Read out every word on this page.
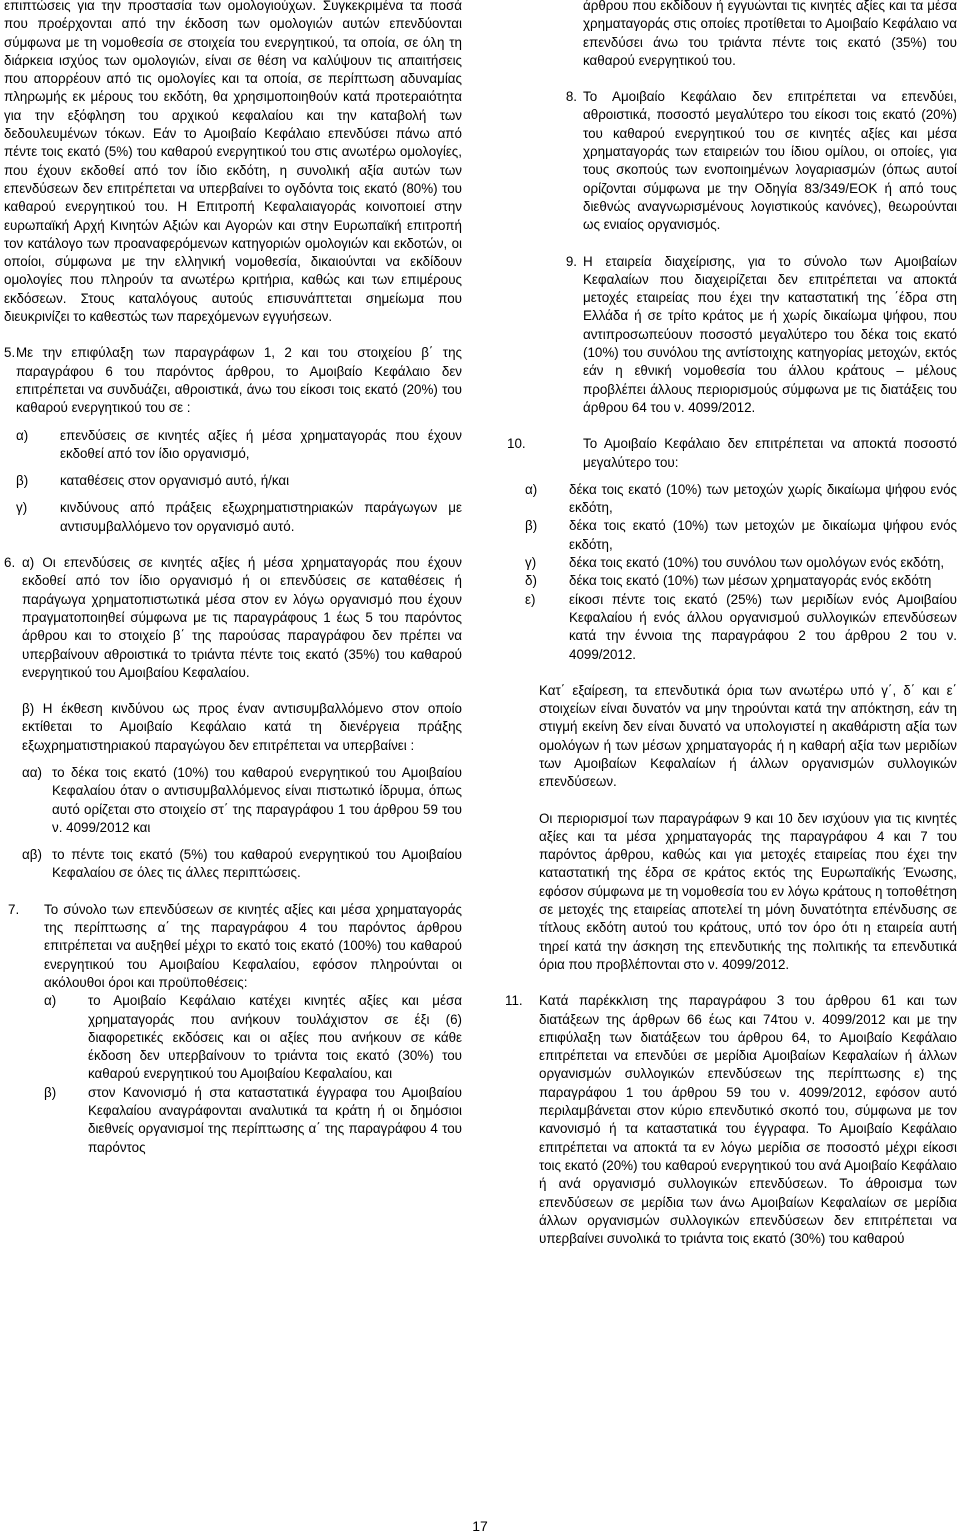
επιπτώσεις για την προστασία των ομολογιούχων. Συγκεκριμένα τα ποσά που προέρχονται από την έκδοση των ομολογιών αυτών επενδύονται σύμφωνα με τη νομοθεσία σε στοιχεία του ενεργητικού, τα οποία, σε όλη τη διάρκεια ισχύος των ομολογιών, είναι σε θέση να καλύψουν τις απαιτήσεις που απορρέουν από τις ομολογίες και τα οποία, σε περίπτωση αδυναμίας πληρωμής εκ μέρους του εκδότη, θα χρησιμοποιηθούν κατά προτεραιότητα για την εξόφληση του αρχικού κεφαλαίου και την καταβολή των δεδουλευμένων τόκων. Εάν το Αμοιβαίο Κεφάλαιο επενδύσει πάνω από πέντε τοις εκατό (5%) του καθαρού ενεργητικού του στις ανωτέρω ομολογίες, που έχουν εκδοθεί από τον ίδιο εκδότη, η συνολική αξία αυτών των επενδύσεων δεν επιτρέπεται να υπερβαίνει το ογδόντα τοις εκατό (80%) του καθαρού ενεργητικού του. Η Επιτροπή Κεφαλαιαγοράς κοινοποιεί στην ευρωπαϊκή Αρχή Κινητών Αξιών και Αγορών και στην Ευρωπαϊκή επιτροπή τον κατάλογο των προαναφερόμενων κατηγοριών ομολογιών και εκδοτών, οι οποίοι, σύμφωνα με την ελληνική νομοθεσία, δικαιούνται να εκδίδουν ομολογίες που πληρούν τα ανωτέρω κριτήρια, καθώς και των επιμέρους εκδόσεων. Στους καταλόγους αυτούς επισυνάπτεται σημείωμα που διευκρινίζει το καθεστώς των παρεχόμενων εγγυήσεων.

5. Με την επιφύλαξη των παραγράφων 1, 2 και του στοιχείου β΄ της παραγράφου 6 του παρόντος άρθρου, το Αμοιβαίο Κεφάλαιο δεν επιτρέπεται να συνδυάζει, αθροιστικά, άνω του είκοσι τοις εκατό (20%) του καθαρού ενεργητικού του σε :
α)	επενδύσεις σε κινητές αξίες ή μέσα χρηματαγοράς που έχουν εκδοθεί από τον ίδιο οργανισμό,
β)	καταθέσεις στον οργανισμό αυτό, ή/και
γ)	κινδύνους από πράξεις εξωχρηματιστηριακών παράγωγων με αντισυμβαλλόμενο τον οργανισμό αυτό.
6. α) Οι επενδύσεις σε κινητές αξίες ή μέσα χρηματαγοράς που έχουν εκδοθεί από τον ίδιο οργανισμό ή οι επενδύσεις σε καταθέσεις ή παράγωγα χρηματοπιστωτικά μέσα στον εν λόγω οργανισμό που έχουν πραγματοποιηθεί σύμφωνα με τις παραγράφους 1 έως 5 του παρόντος άρθρου και το στοιχείο β΄ της παρούσας παραγράφου δεν πρέπει να υπερβαίνουν αθροιστικά το τριάντα πέντε τοις εκατό (35%) του καθαρού ενεργητικού του Αμοιβαίου Κεφαλαίου.

β) Η έκθεση κινδύνου ως προς έναν αντισυμβαλλόμενο στον οποίο εκτίθεται το Αμοιβαίο Κεφάλαιο κατά τη διενέργεια πράξης εξωχρηματιστηριακού παραγώγου δεν επιτρέπεται να υπερβαίνει :

αα) το δέκα τοις εκατό (10%) του καθαρού ενεργητικού του Αμοιβαίου Κεφαλαίου όταν ο αντισυμβαλλόμενος είναι πιστωτικό ίδρυμα, όπως αυτό ορίζεται στο στοιχείο στ΄ της παραγράφου 1 του άρθρου 59 του ν. 4099/2012 και
αβ) το πέντε τοις εκατό (5%) του καθαρού ενεργητικού του Αμοιβαίου Κεφαλαίου σε όλες τις άλλες περιπτώσεις.
7.	Το σύνολο των επενδύσεων σε κινητές αξίες και μέσα χρηματαγοράς της περίπτωσης α΄ της παραγράφου 4 του παρόντος άρθρου επιτρέπεται να αυξηθεί μέχρι το εκατό τοις εκατό (100%) του καθαρού ενεργητικού του Αμοιβαίου Κεφαλαίου, εφόσον πληρούνται οι ακόλουθοι όροι και προϋποθέσεις:
α)	το Αμοιβαίο Κεφάλαιο κατέχει κινητές αξίες και μέσα χρηματαγοράς που ανήκουν τουλάχιστον σε έξι (6) διαφορετικές εκδόσεις και οι αξίες που ανήκουν σε κάθε έκδοση δεν υπερβαίνουν το τριάντα τοις εκατό (30%) του καθαρού ενεργητικού του Αμοιβαίου Κεφαλαίου, και
β)	στον Κανονισμό ή στα καταστατικά έγγραφα του Αμοιβαίου Κεφαλαίου αναγράφονται αναλυτικά τα κράτη ή οι δημόσιοι διεθνείς οργανισμοί της περίπτωσης α΄ της παραγράφου 4 του παρόντος

άρθρου που εκδίδουν ή εγγυώνται τις κινητές αξίες και τα μέσα χρηματαγοράς στις οποίες προτίθεται το Αμοιβαίο Κεφάλαιο να επενδύσει άνω του τριάντα πέντε τοις εκατό (35%) του καθαρού ενεργητικού του.

8. Το Αμοιβαίο Κεφάλαιο δεν επιτρέπεται να επενδύει, αθροιστικά, ποσοστό μεγαλύτερο του είκοσι τοις εκατό (20%) του καθαρού ενεργητικού του σε κινητές αξίες και μέσα χρηματαγοράς των εταιρειών του ίδιου ομίλου, οι οποίες, για τους σκοπούς των ενοποιημένων λογαριασμών (όπως αυτοί ορίζονται σύμφωνα με την Οδηγία 83/349/ΕΟΚ ή από τους διεθνώς αναγνωρισμένους λογιστικούς κανόνες), θεωρούνται ως ενιαίος οργανισμός.
9. Η εταιρεία διαχείρισης, για το σύνολο των Αμοιβαίων Κεφαλαίων που διαχειρίζεται δεν επιτρέπεται να αποκτά μετοχές εταιρείας που έχει την καταστατική της ΄έδρα στη Ελλάδα ή σε τρίτο κράτος με ή χωρίς δικαίωμα ψήφου, που αντιπροσωπεύουν ποσοστό μεγαλύτερο του δέκα τοις εκατό (10%) του συνόλου της αντίστοιχης κατηγορίας μετοχών, εκτός εάν η εθνική νομοθεσία του άλλου κράτους – μέλους προβλέπει άλλους περιορισμούς σύμφωνα με τις διατάξεις του άρθρου 64 του ν. 4099/2012.
10.	Το Αμοιβαίο Κεφάλαιο δεν επιτρέπεται να αποκτά ποσοστό μεγαλύτερο του:
α)	δέκα τοις εκατό (10%) των μετοχών χωρίς δικαίωμα ψήφου ενός εκδότη,
β)	δέκα τοις εκατό (10%) των μετοχών με δικαίωμα ψήφου ενός εκδότη,
γ)	δέκα τοις εκατό (10%) του συνόλου των ομολόγων ενός εκδότη,
δ)	δέκα τοις εκατό (10%) των μέσων χρηματαγοράς ενός εκδότη
ε)	είκοσι πέντε τοις εκατό (25%) των μεριδίων ενός Αμοιβαίου Κεφαλαίου ή ενός άλλου οργανισμού συλλογικών επενδύσεων κατά την έννοια της παραγράφου 2 του άρθρου 2 του ν. 4099/2012.

Κατ΄ εξαίρεση, τα επενδυτικά όρια των ανωτέρω υπό γ΄, δ΄ και ε΄ στοιχείων είναι δυνατόν να μην τηρούνται κατά την απόκτηση, εάν τη στιγμή εκείνη δεν είναι δυνατό να υπολογιστεί η ακαθάριστη αξία των ομολόγων ή των μέσων χρηματαγοράς ή η καθαρή αξία των μεριδίων των Αμοιβαίων Κεφαλαίων ή άλλων οργανισμών συλλογικών επενδύσεων.

Οι περιορισμοί των παραγράφων 9 και 10 δεν ισχύουν για τις κινητές αξίες και τα μέσα χρηματαγοράς της παραγράφου 4 και 7 του παρόντος άρθρου, καθώς και για μετοχές εταιρείας που έχει την καταστατική της έδρα σε κράτος εκτός της Ευρωπαϊκής Ένωσης, εφόσον σύμφωνα με τη νομοθεσία του εν λόγω κράτους η τοποθέτηση σε μετοχές της εταιρείας αποτελεί τη μόνη δυνατότητα επένδυσης σε τίτλους εκδότη αυτού του κράτους, υπό τον όρο ότι η εταιρεία αυτή τηρεί κατά την άσκηση της επενδυτικής της πολιτικής τα επενδυτικά όρια που προβλέπονται στο ν. 4099/2012.

11.	Κατά παρέκκλιση της παραγράφου 3 του άρθρου 61 και των διατάξεων της άρθρων 66 έως και 74του ν. 4099/2012 και με την επιφύλαξη των διατάξεων του άρθρου 64, το Αμοιβαίο Κεφάλαιο επιτρέπεται να επενδύει σε μερίδια Αμοιβαίων Κεφαλαίων ή άλλων οργανισμών συλλογικών επενδύσεων της περίπτωσης ε) της παραγράφου 1 του άρθρου 59 του ν. 4099/2012, εφόσον αυτό περιλαμβάνεται στον κύριο επενδυτικό σκοπό του, σύμφωνα με τον κανονισμό ή τα καταστατικά του έγγραφα. Το Αμοιβαίο Κεφάλαιο επιτρέπεται να αποκτά τα εν λόγω μερίδια σε ποσοστό μέχρι είκοσι τοις εκατό (20%) του καθαρού ενεργητικού του ανά Αμοιβαίο Κεφάλαιο ή ανά οργανισμό συλλογικών επενδύσεων. Το άθροισμα των επενδύσεων σε μερίδια των άνω Αμοιβαίων Κεφαλαίων σε μερίδια άλλων οργανισμών συλλογικών επενδύσεων δεν επιτρέπεται να υπερβαίνει συνολικά το τριάντα τοις εκατό (30%) του καθαρού
17
